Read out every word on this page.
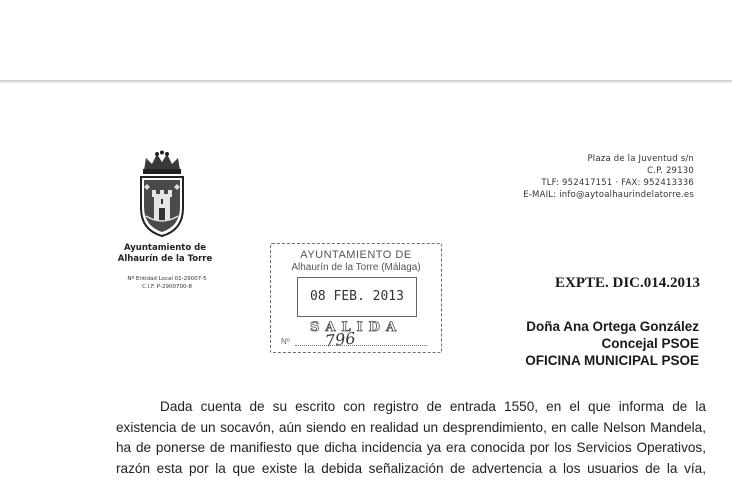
Ayuntamiento de
Alhaurín de la Torre
Nº Entidad Local 01-29007-5
C.I.F. P-2900700-8
Plaza de la Juventud s/n
C.P. 29130
TLF: 952417151 · FAX: 952413336
E-MAIL: info@aytoalhaurindelatorre.es
AYUNTAMIENTO DE
Alhaurín de la Torre (Málaga)
08 FEB. 2013
SALIDA
Nº 796
EXPTE. DIC.014.2013
Doña Ana Ortega González
Concejal PSOE
OFICINA MUNICIPAL PSOE
Dada cuenta de su escrito con registro de entrada 1550, en el que informa de la
existencia de un socavón, aún siendo en realidad un desprendimiento, en calle Nelson Mandela,
ha de ponerse de manifiesto que dicha incidencia ya era conocida por los Servicios Operativos,
razón esta por la que existe la debida señalización de advertencia a los usuarios de la vía,
